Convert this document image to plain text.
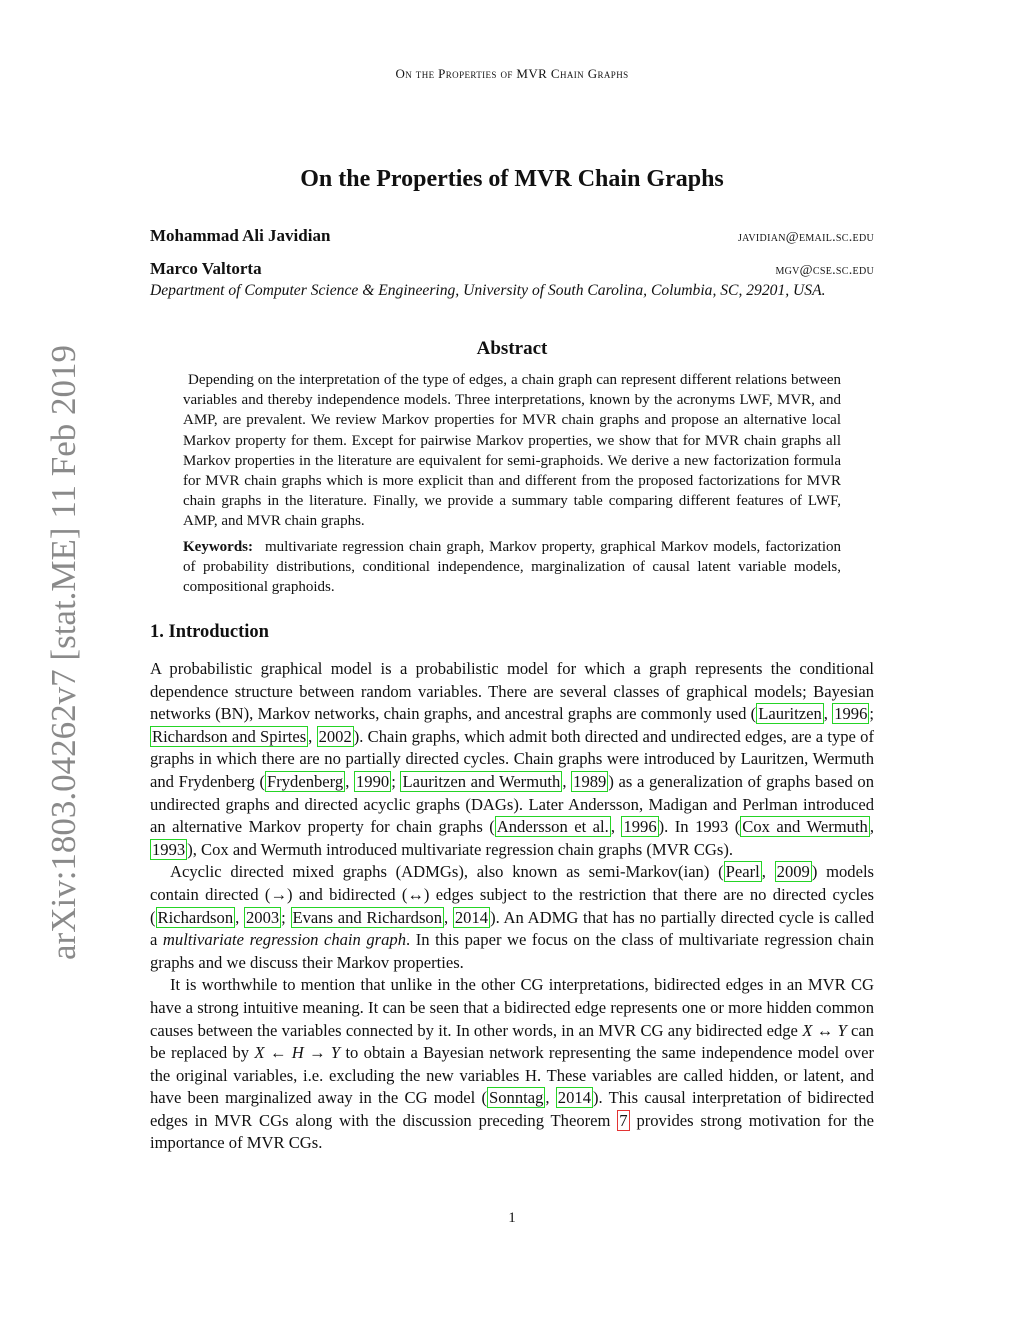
On the Properties of MVR Chain Graphs
arXiv:1803.04262v7 [stat.ME] 11 Feb 2019
On the Properties of MVR Chain Graphs
Mohammad Ali Javidian	javidian@email.sc.edu
Marco Valtorta	mgv@cse.sc.edu
Department of Computer Science & Engineering, University of South Carolina, Columbia, SC, 29201, USA.
Abstract

Depending on the interpretation of the type of edges, a chain graph can represent different relations between variables and thereby independence models. Three interpretations, known by the acronyms LWF, MVR, and AMP, are prevalent. We review Markov properties for MVR chain graphs and propose an alternative local Markov property for them. Except for pairwise Markov properties, we show that for MVR chain graphs all Markov properties in the literature are equivalent for semi-graphoids. We derive a new factorization formula for MVR chain graphs which is more explicit than and different from the proposed factorizations for MVR chain graphs in the literature. Finally, we provide a summary table comparing different features of LWF, AMP, and MVR chain graphs.

Keywords: multivariate regression chain graph, Markov property, graphical Markov models, factorization of probability distributions, conditional independence, marginalization of causal latent variable models, compositional graphoids.
1. Introduction

A probabilistic graphical model is a probabilistic model for which a graph represents the conditional dependence structure between random variables. There are several classes of graphical models; Bayesian networks (BN), Markov networks, chain graphs, and ancestral graphs are commonly used ( Lauritzen , 1996 ; Richardson and Spirtes , 2002 ). Chain graphs, which admit both directed and undirected edges, are a type of graphs in which there are no partially directed cycles. Chain graphs were introduced by Lauritzen, Wermuth and Frydenberg ( Frydenberg , 1990 ; Lauritzen and Wermuth , 1989 ) as a generalization of graphs based on undirected graphs and directed acyclic graphs (DAGs). Later Andersson, Madigan and Perlman introduced an alternative Markov property for chain graphs ( Andersson et al. , 1996 ). In 1993 ( Cox and Wermuth , 1993 ), Cox and Wermuth introduced multivariate regression chain graphs (MVR CGs).

Acyclic directed mixed graphs (ADMGs), also known as semi-Markov(ian) ( Pearl , 2009 ) models contain directed (→) and bidirected (↔) edges subject to the restriction that there are no directed cycles ( Richardson , 2003 ; Evans and Richardson , 2014 ). An ADMG that has no partially directed cycle is called a multivariate regression chain graph. In this paper we focus on the class of multivariate regression chain graphs and we discuss their Markov properties.

It is worthwhile to mention that unlike in the other CG interpretations, bidirected edges in an MVR CG have a strong intuitive meaning. It can be seen that a bidirected edge represents one or more hidden common causes between the variables connected by it. In other words, in an MVR CG any bidirected edge X ↔ Y can be replaced by X ← H → Y to obtain a Bayesian network representing the same independence model over the original variables, i.e. excluding the new variables H. These variables are called hidden, or latent, and have been marginalized away in the CG model ( Sonntag , 2014 ). This causal interpretation of bidirected edges in MVR CGs along with the discussion preceding Theorem 7 provides strong motivation for the importance of MVR CGs.

1
